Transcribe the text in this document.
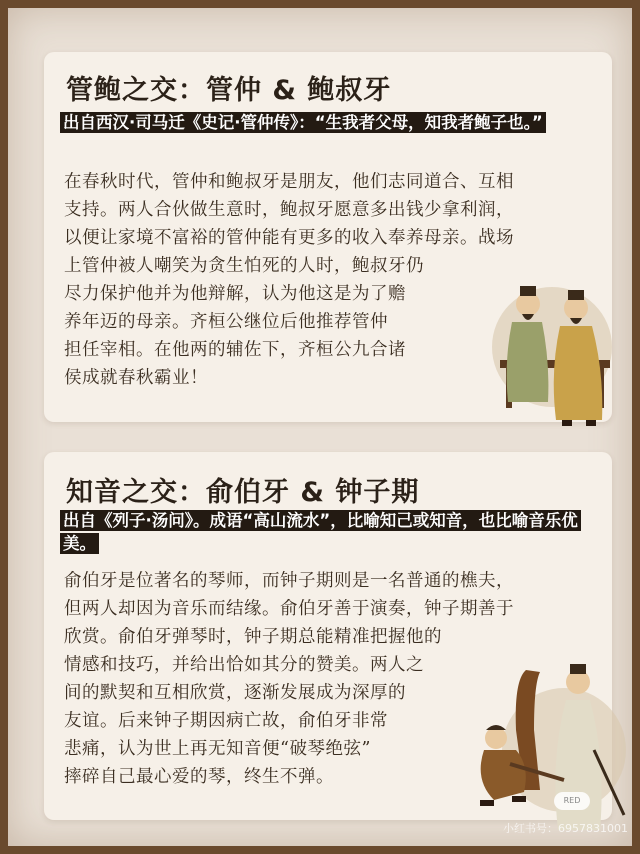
管鲍之交：管仲 & 鲍叔牙
出自西汉·司马迁《史记·管仲传》：“生我者父母，知我者鲍子也。”
在春秋时代，管仲和鲍叔牙是朋友，他们志同道合、互相
支持。两人合伙做生意时，鲍叔牙愿意多出钱少拿利润，
以便让家境不富裕的管仲能有更多的收入奉养母亲。战场
上管仲被人嘲笑为贪生怕死的人时，鲍叔牙仍
尽力保护他并为他辩解，认为他这是为了赡
养年迈的母亲。齐桓公继位后他推荐管仲
担任宰相。在他两的辅佐下，齐桓公九合诸
侯成就春秋霸业！
知音之交：俞伯牙 & 钟子期
出自《列子·汤问》。成语“高山流水”，比喻知己或知音，也比喻音乐优美。
俞伯牙是位著名的琴师，而钟子期则是一名普通的樵夫，
但两人却因为音乐而结缘。俞伯牙善于演奏，钟子期善于
欣赏。俞伯牙弹琴时，钟子期总能精准把握他的
情感和技巧，并给出恰如其分的赞美。两人之
间的默契和互相欣赏，逐渐发展成为深厚的
友谊。后来钟子期因病亡故，俞伯牙非常
悲痛，认为世上再无知音便“破琴绝弦”
摔碎自己最心爱的琴，终生不弹。
RED
小红书号：6957831001
